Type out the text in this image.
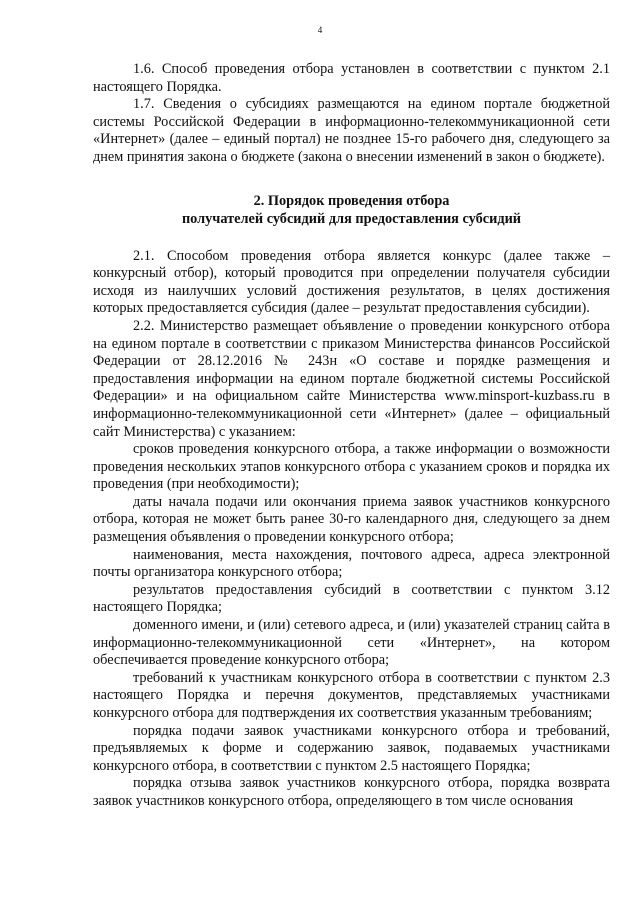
4

1.6. Способ проведения отбора установлен в соответствии с пунктом 2.1 настоящего Порядка.

1.7. Сведения о субсидиях размещаются на едином портале бюджетной системы Российской Федерации в информационно-телекоммуникационной сети «Интернет» (далее – единый портал) не позднее 15-го рабочего дня, следующего за днем принятия закона о бюджете (закона о внесении изменений в закон о бюджете).

2. Порядок проведения отбора
получателей субсидий для предоставления субсидий

2.1. Способом проведения отбора является конкурс (далее также – конкурсный отбор), который проводится при определении получателя субсидии исходя из наилучших условий достижения результатов, в целях достижения которых предоставляется субсидия (далее – результат предоставления субсидии).

2.2. Министерство размещает объявление о проведении конкурсного отбора на едином портале в соответствии с приказом Министерства финансов Российской Федерации от 28.12.2016 № 243н «О составе и порядке размещения и предоставления информации на едином портале бюджетной системы Российской Федерации» и на официальном сайте Министерства www.minsport-kuzbass.ru в информационно-телекоммуникационной сети «Интернет» (далее – официальный сайт Министерства) с указанием:

сроков проведения конкурсного отбора, а также информации о возможности проведения нескольких этапов конкурсного отбора с указанием сроков и порядка их проведения (при необходимости);

даты начала подачи или окончания приема заявок участников конкурсного отбора, которая не может быть ранее 30-го календарного дня, следующего за днем размещения объявления о проведении конкурсного отбора;

наименования, места нахождения, почтового адреса, адреса электронной почты организатора конкурсного отбора;

результатов предоставления субсидий в соответствии с пунктом 3.12 настоящего Порядка;

доменного имени, и (или) сетевого адреса, и (или) указателей страниц сайта в информационно-телекоммуникационной сети «Интернет», на котором обеспечивается проведение конкурсного отбора;

требований к участникам конкурсного отбора в соответствии с пунктом 2.3 настоящего Порядка и перечня документов, представляемых участниками конкурсного отбора для подтверждения их соответствия указанным требованиям;

порядка подачи заявок участниками конкурсного отбора и требований, предъявляемых к форме и содержанию заявок, подаваемых участниками конкурсного отбора, в соответствии с пунктом 2.5 настоящего Порядка;

порядка отзыва заявок участников конкурсного отбора, порядка возврата заявок участников конкурсного отбора, определяющего в том числе основания
